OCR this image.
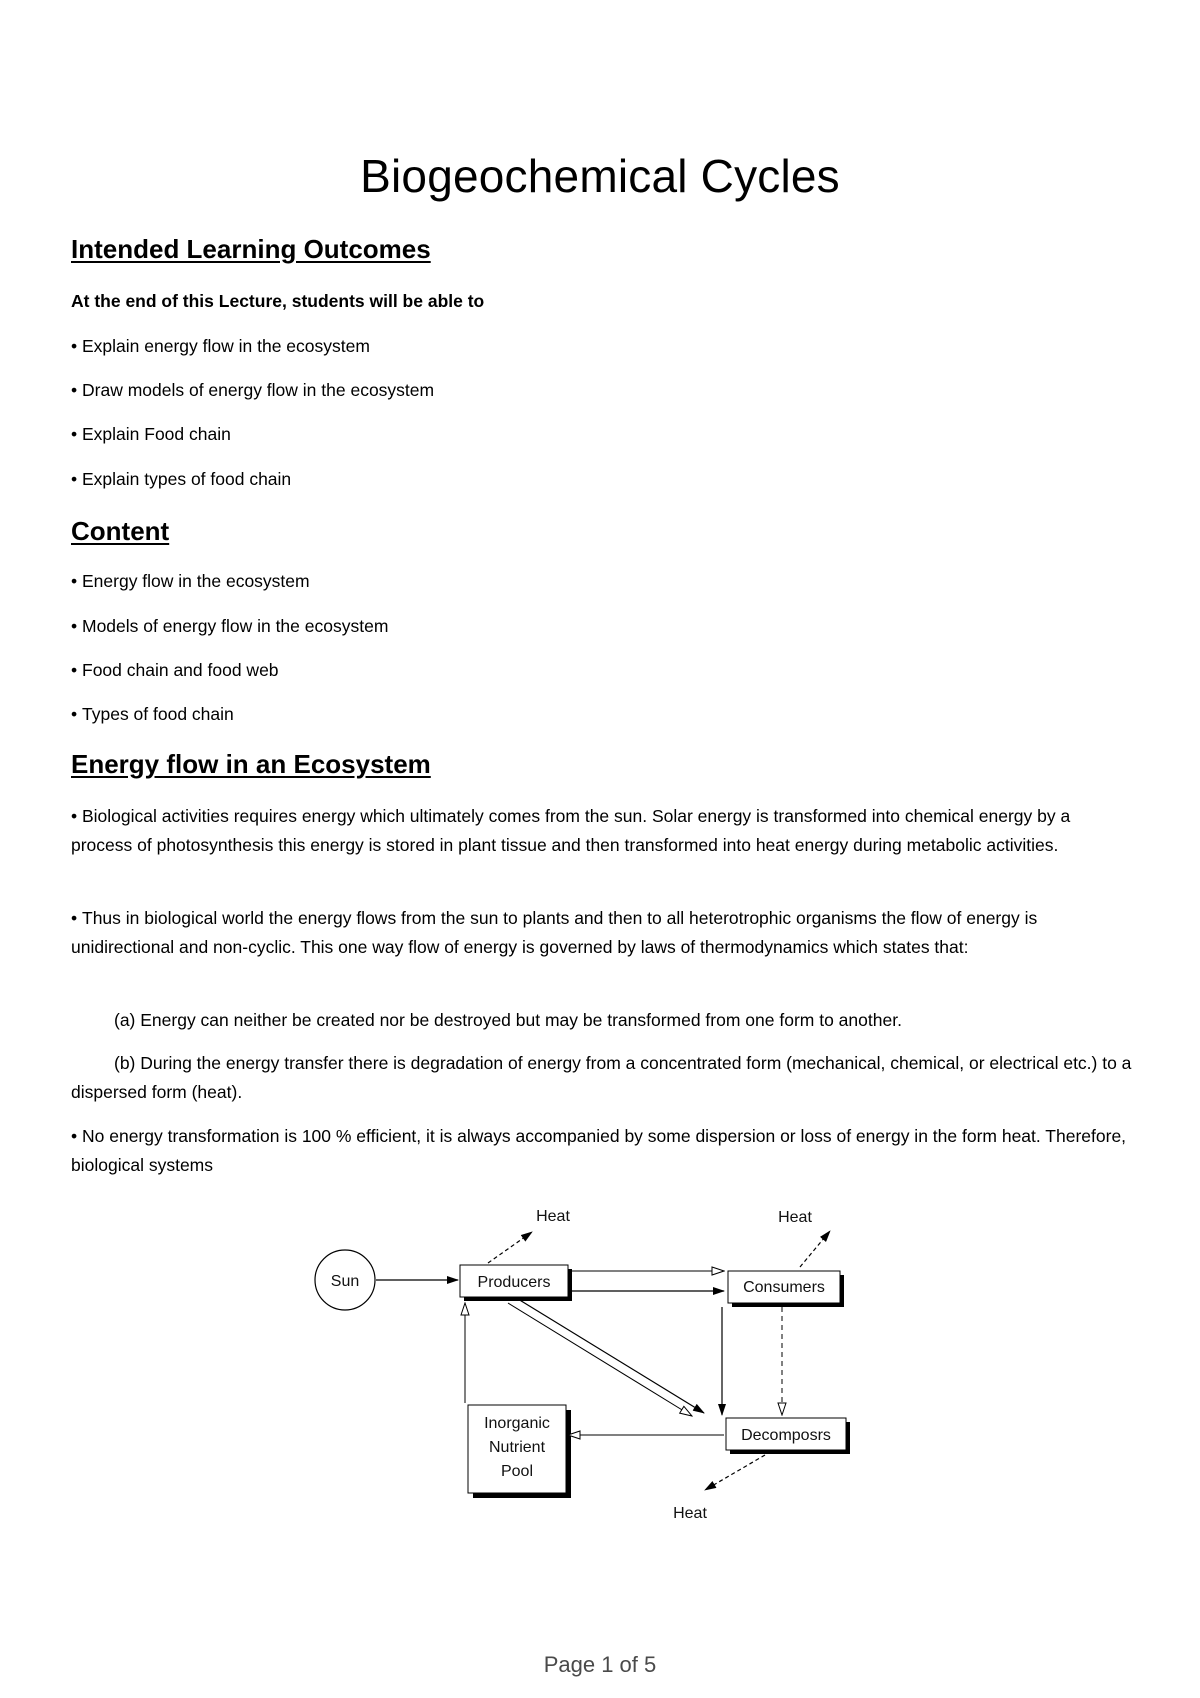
Biogeochemical Cycles
Intended Learning Outcomes

At the end of this Lecture, students will be able to

• Explain energy flow in the ecosystem

• Draw models of energy flow in the ecosystem

• Explain Food chain

• Explain types of food chain

Content

• Energy flow in the ecosystem

• Models of energy flow in the ecosystem

• Food chain and food web

• Types of food chain

Energy flow in an Ecosystem

• Biological activities requires energy which ultimately comes from the sun. Solar energy is transformed into chemical energy by a process of photosynthesis this energy is stored in plant tissue and then transformed into heat energy during metabolic activities.

• Thus in biological world the energy flows from the sun to plants and then to all heterotrophic organisms the flow of energy is unidirectional and non-cyclic. This one way flow of energy is governed by laws of thermodynamics which states that:

(a) Energy can neither be created nor be destroyed but may be transformed from one form to another.

(b) During the energy transfer there is degradation of energy from a concentrated form (mechanical, chemical, or electrical etc.) to a dispersed form (heat).

• No energy transformation is 100 % efficient, it is always accompanied by some dispersion or loss of energy in the form heat. Therefore, biological systems

Sun	Producers	Consumers
Inorganic
Nutrient
Pool
Decomposrs
Heat	Heat
Heat

Page 1 of 5
